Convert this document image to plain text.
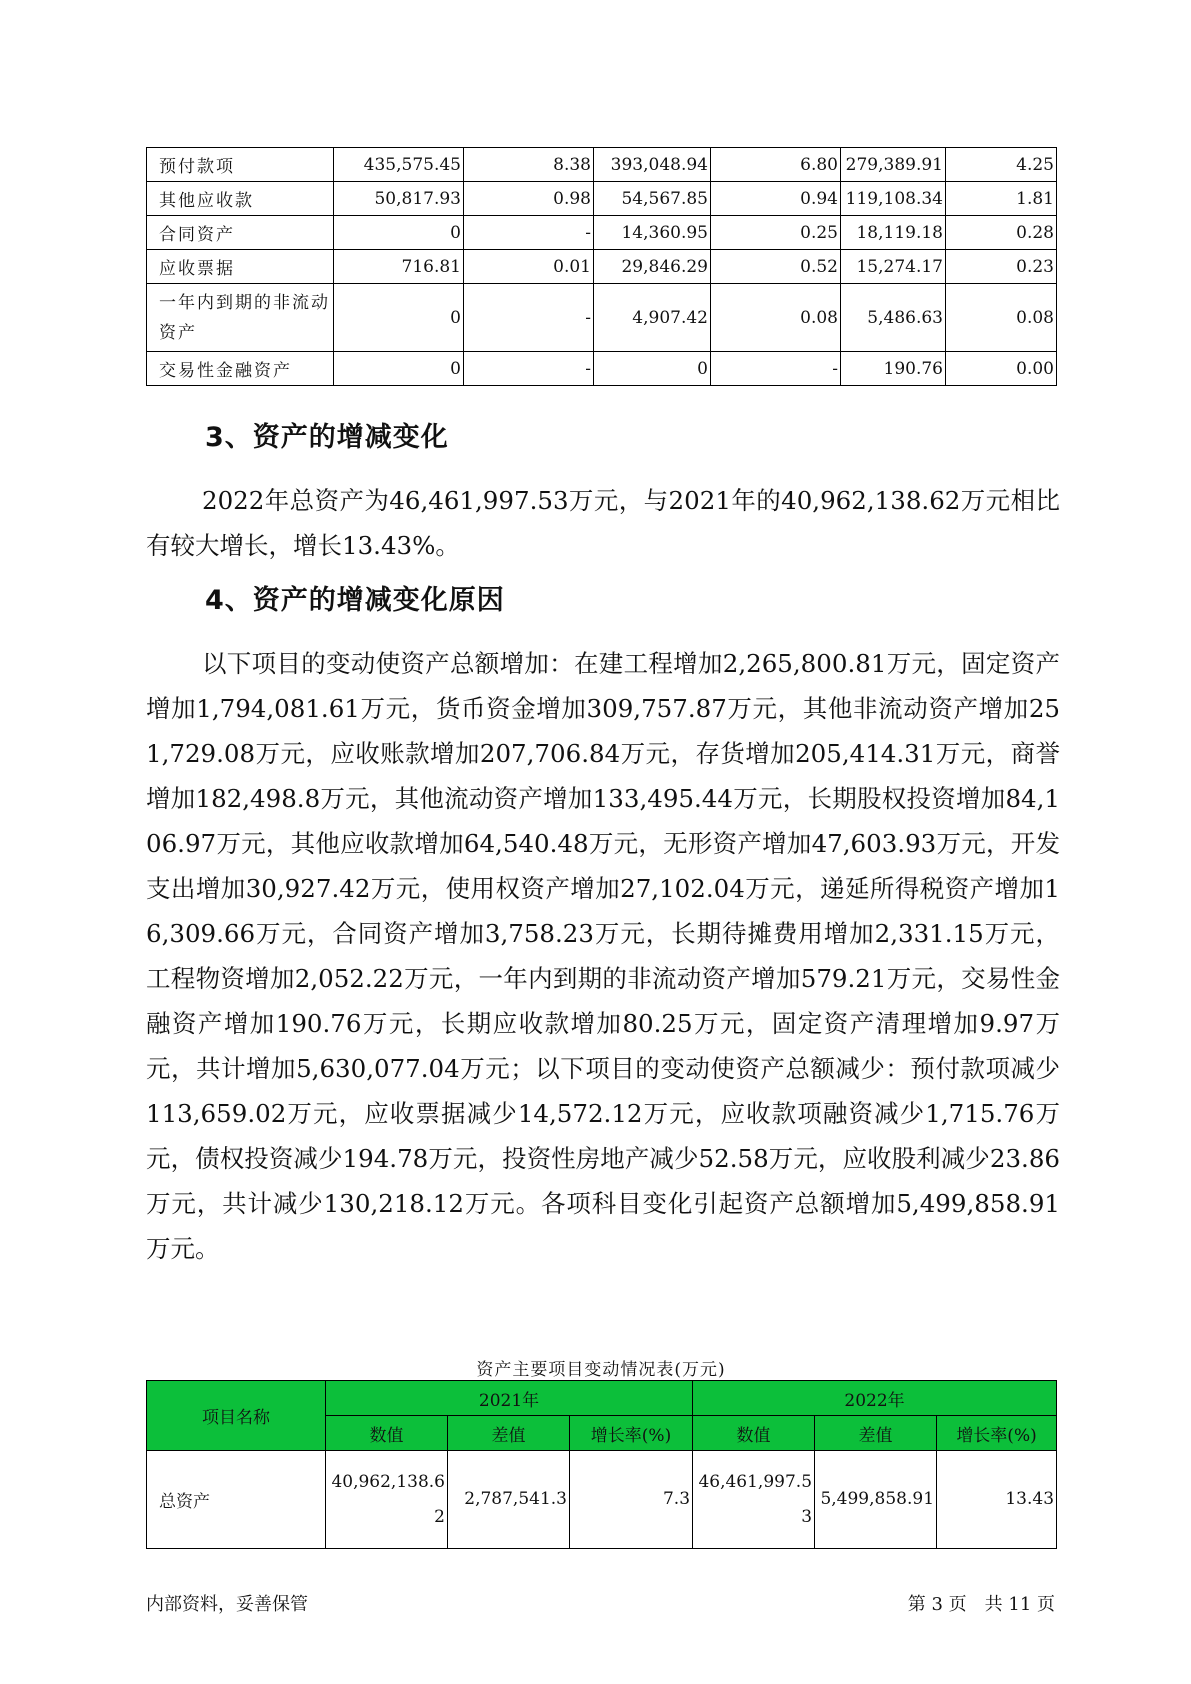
预付款项	435,575.45	8.38	393,048.94	6.80	279,389.91	4.25
其他应收款	50,817.93	0.98	54,567.85	0.94	119,108.34	1.81
合同资产	0	-	14,360.95	0.25	18,119.18	0.28
应收票据	716.81	0.01	29,846.29	0.52	15,274.17	0.23
一年内到期的非流动资产	0	-	4,907.42	0.08	5,486.63	0.08
交易性金融资产	0	-	0	-	190.76	0.00
3、资产的增减变化

2022年总资产为46,461,997.53万元，与2021年的40,962,138.62万元相比有较大增长，增长13.43%。

4、资产的增减变化原因

以下项目的变动使资产总额增加：在建工程增加2,265,800.81万元，固定资产增加1,794,081.61万元，货币资金增加309,757.87万元，其他非流动资产增加251,729.08万元，应收账款增加207,706.84万元，存货增加205,414.31万元，商誉增加182,498.8万元，其他流动资产增加133,495.44万元，长期股权投资增加84,106.97万元，其他应收款增加64,540.48万元，无形资产增加47,603.93万元，开发支出增加30,927.42万元，使用权资产增加27,102.04万元，递延所得税资产增加16,309.66万元，合同资产增加3,758.23万元，长期待摊费用增加2,331.15万元，工程物资增加2,052.22万元，一年内到期的非流动资产增加579.21万元，交易性金融资产增加190.76万元，长期应收款增加80.25万元，固定资产清理增加9.97万元，共计增加5,630,077.04万元；以下项目的变动使资产总额减少：预付款项减少113,659.02万元，应收票据减少14,572.12万元，应收款项融资减少1,715.76万元，债权投资减少194.78万元，投资性房地产减少52.58万元，应收股利减少23.86万元，共计减少130,218.12万元。各项科目变化引起资产总额增加5,499,858.91万元。

资产主要项目变动情况表(万元)
项目名称	2021年			2022年		
	数值	差值	增长率(%)	数值	差值	增长率(%)
总资产	40,962,138.62	2,787,541.3	7.3	46,461,997.53	5,499,858.91	13.43
内部资料，妥善保管	第 3 页　共 11 页
